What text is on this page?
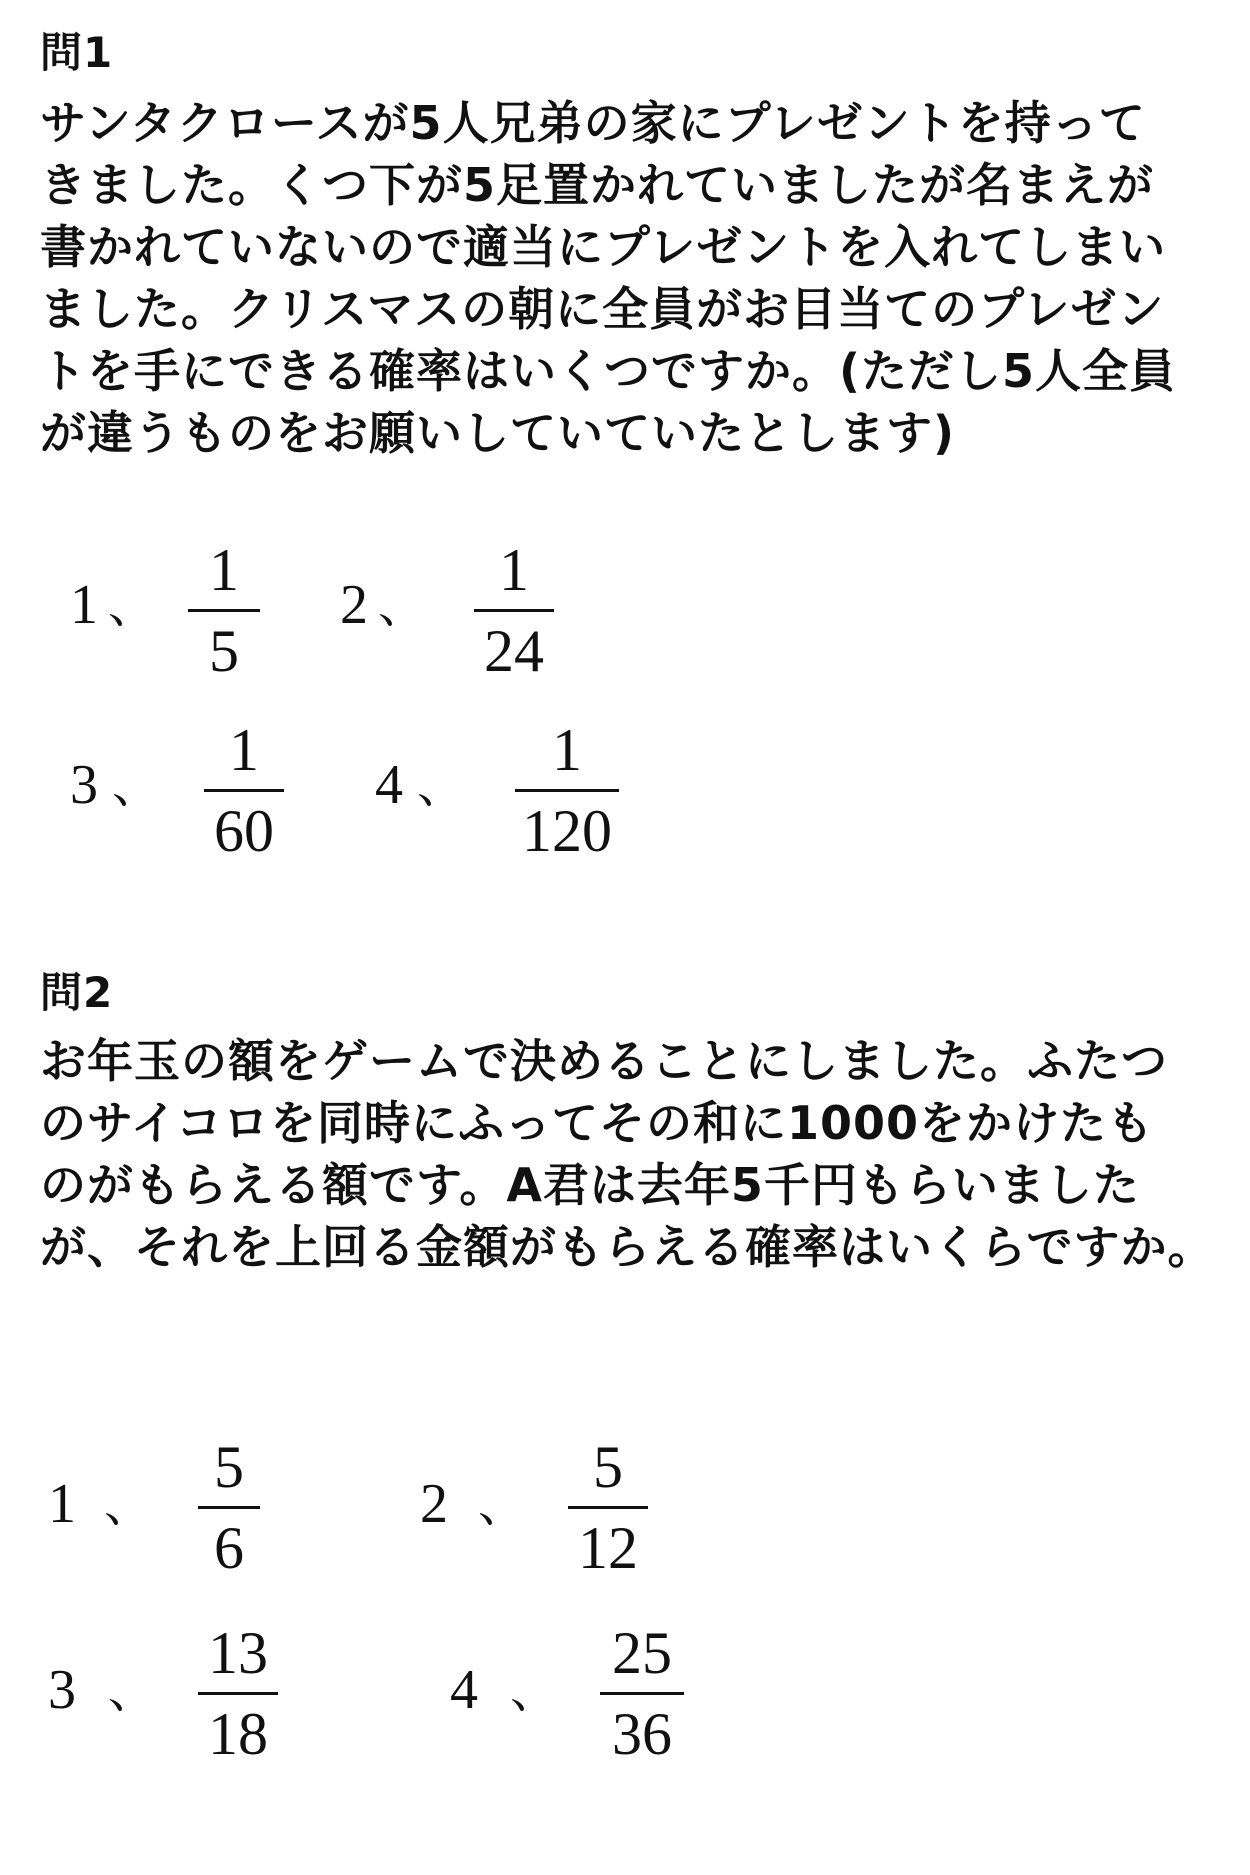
問1
サンタクロースが5人兄弟の家にプレゼントを持って
きました。くつ下が5足置かれていましたが名まえが
書かれていないので適当にプレゼントを入れてしまい
ました。クリスマスの朝に全員がお目当てのプレゼン
トを手にできる確率はいくつですか。(ただし5人全員
が違うものをお願いしていていたとします)
1 、
1
5
2 、
1
24
3 、
1
60
4 、
1
120
問2
お年玉の額をゲームで決めることにしました。ふたつ
のサイコロを同時にふってその和に1000をかけたも
のがもらえる額です。A君は去年5千円もらいました
が、それを上回る金額がもらえる確率はいくらですか。
1 、
5
6
2 、
5
12
3 、
13
18
4 、
25
36
